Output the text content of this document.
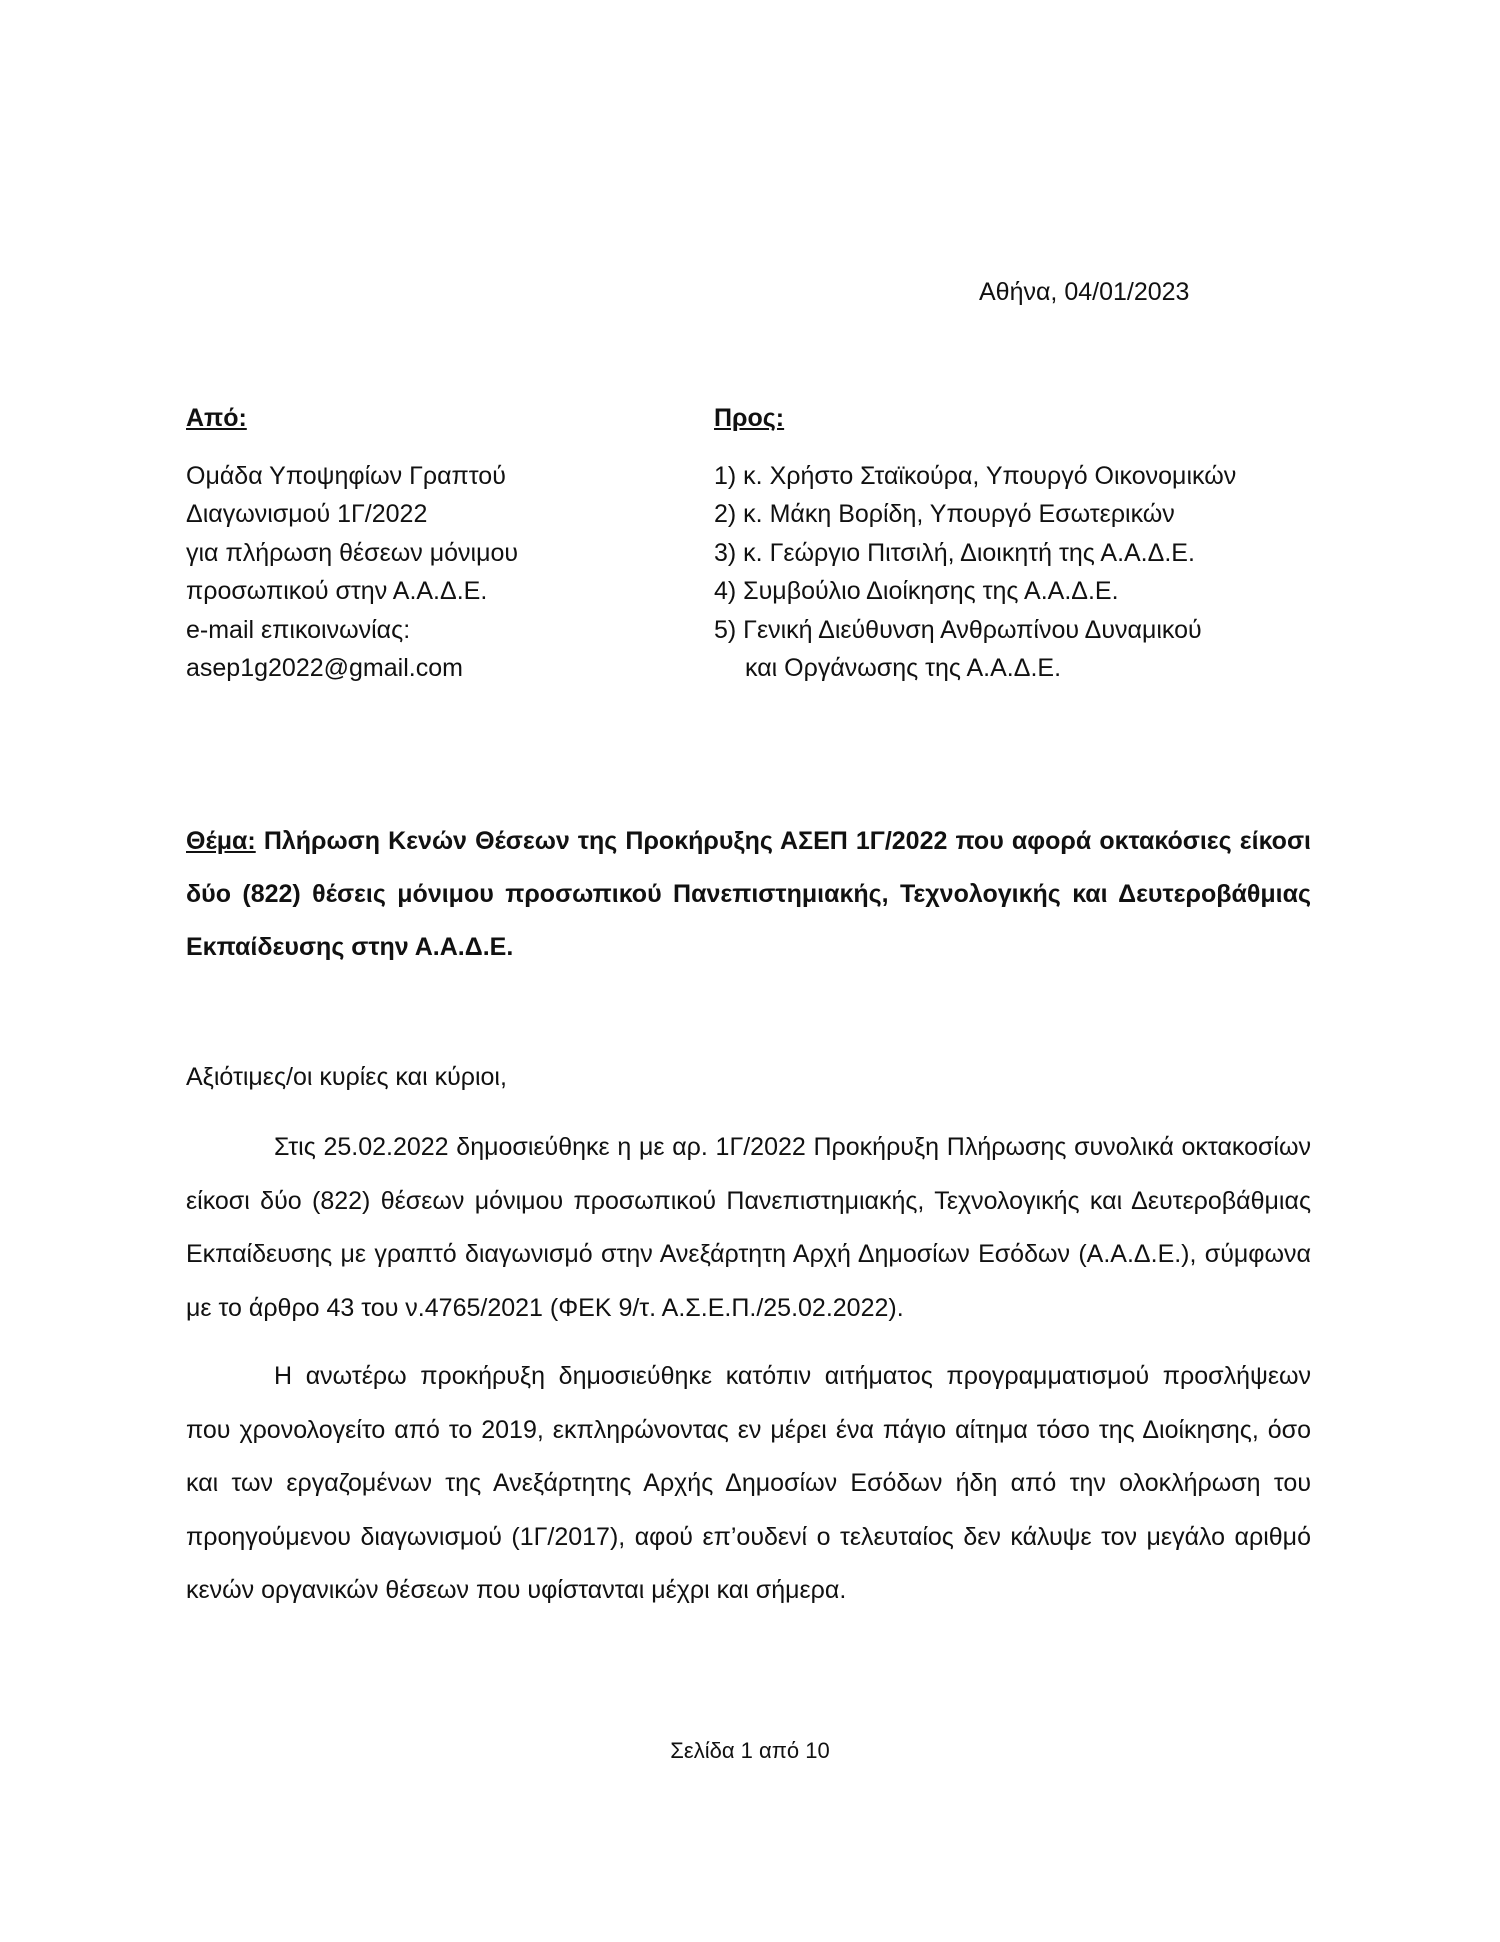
Αθήνα, 04/01/2023
Από:
Ομάδα Υποψηφίων Γραπτού
Διαγωνισμού 1Γ/2022
για πλήρωση θέσεων μόνιμου
προσωπικού στην Α.Α.Δ.Ε.
e-mail επικοινωνίας:
asep1g2022@gmail.com
Προς:
1) κ. Χρήστο Σταϊκούρα, Υπουργό Οικονομικών
2) κ. Μάκη Βορίδη, Υπουργό Εσωτερικών
3) κ. Γεώργιο Πιτσιλή, Διοικητή της Α.Α.Δ.Ε.
4) Συμβούλιο Διοίκησης της Α.Α.Δ.Ε.
5) Γενική Διεύθυνση Ανθρωπίνου Δυναμικού
και Οργάνωσης της Α.Α.Δ.Ε.
Θέμα: Πλήρωση Κενών Θέσεων της Προκήρυξης ΑΣΕΠ 1Γ/2022 που αφορά οκτακόσιες είκοσι δύο (822) θέσεις μόνιμου προσωπικού Πανεπιστημιακής, Τεχνολογικής και Δευτεροβάθμιας Εκπαίδευσης στην Α.Α.Δ.Ε.
Αξιότιμες/οι κυρίες και κύριοι,
Στις 25.02.2022 δημοσιεύθηκε η με αρ. 1Γ/2022 Προκήρυξη Πλήρωσης συνολικά οκτακοσίων είκοσι δύο (822) θέσεων μόνιμου προσωπικού Πανεπιστημιακής, Τεχνολογικής και Δευτεροβάθμιας Εκπαίδευσης με γραπτό διαγωνισμό στην Ανεξάρτητη Αρχή Δημοσίων Εσόδων (Α.Α.Δ.Ε.), σύμφωνα με το άρθρο 43 του ν.4765/2021 (ΦΕΚ 9/τ. Α.Σ.Ε.Π./25.02.2022).
Η ανωτέρω προκήρυξη δημοσιεύθηκε κατόπιν αιτήματος προγραμματισμού προσλήψεων που χρονολογείτο από το 2019, εκπληρώνοντας εν μέρει ένα πάγιο αίτημα τόσο της Διοίκησης, όσο και των εργαζομένων της Ανεξάρτητης Αρχής Δημοσίων Εσόδων ήδη από την ολοκλήρωση του προηγούμενου διαγωνισμού (1Γ/2017), αφού επ’ουδενί ο τελευταίος δεν κάλυψε τον μεγάλο αριθμό κενών οργανικών θέσεων που υφίστανται μέχρι και σήμερα.
Σελίδα 1 από 10
